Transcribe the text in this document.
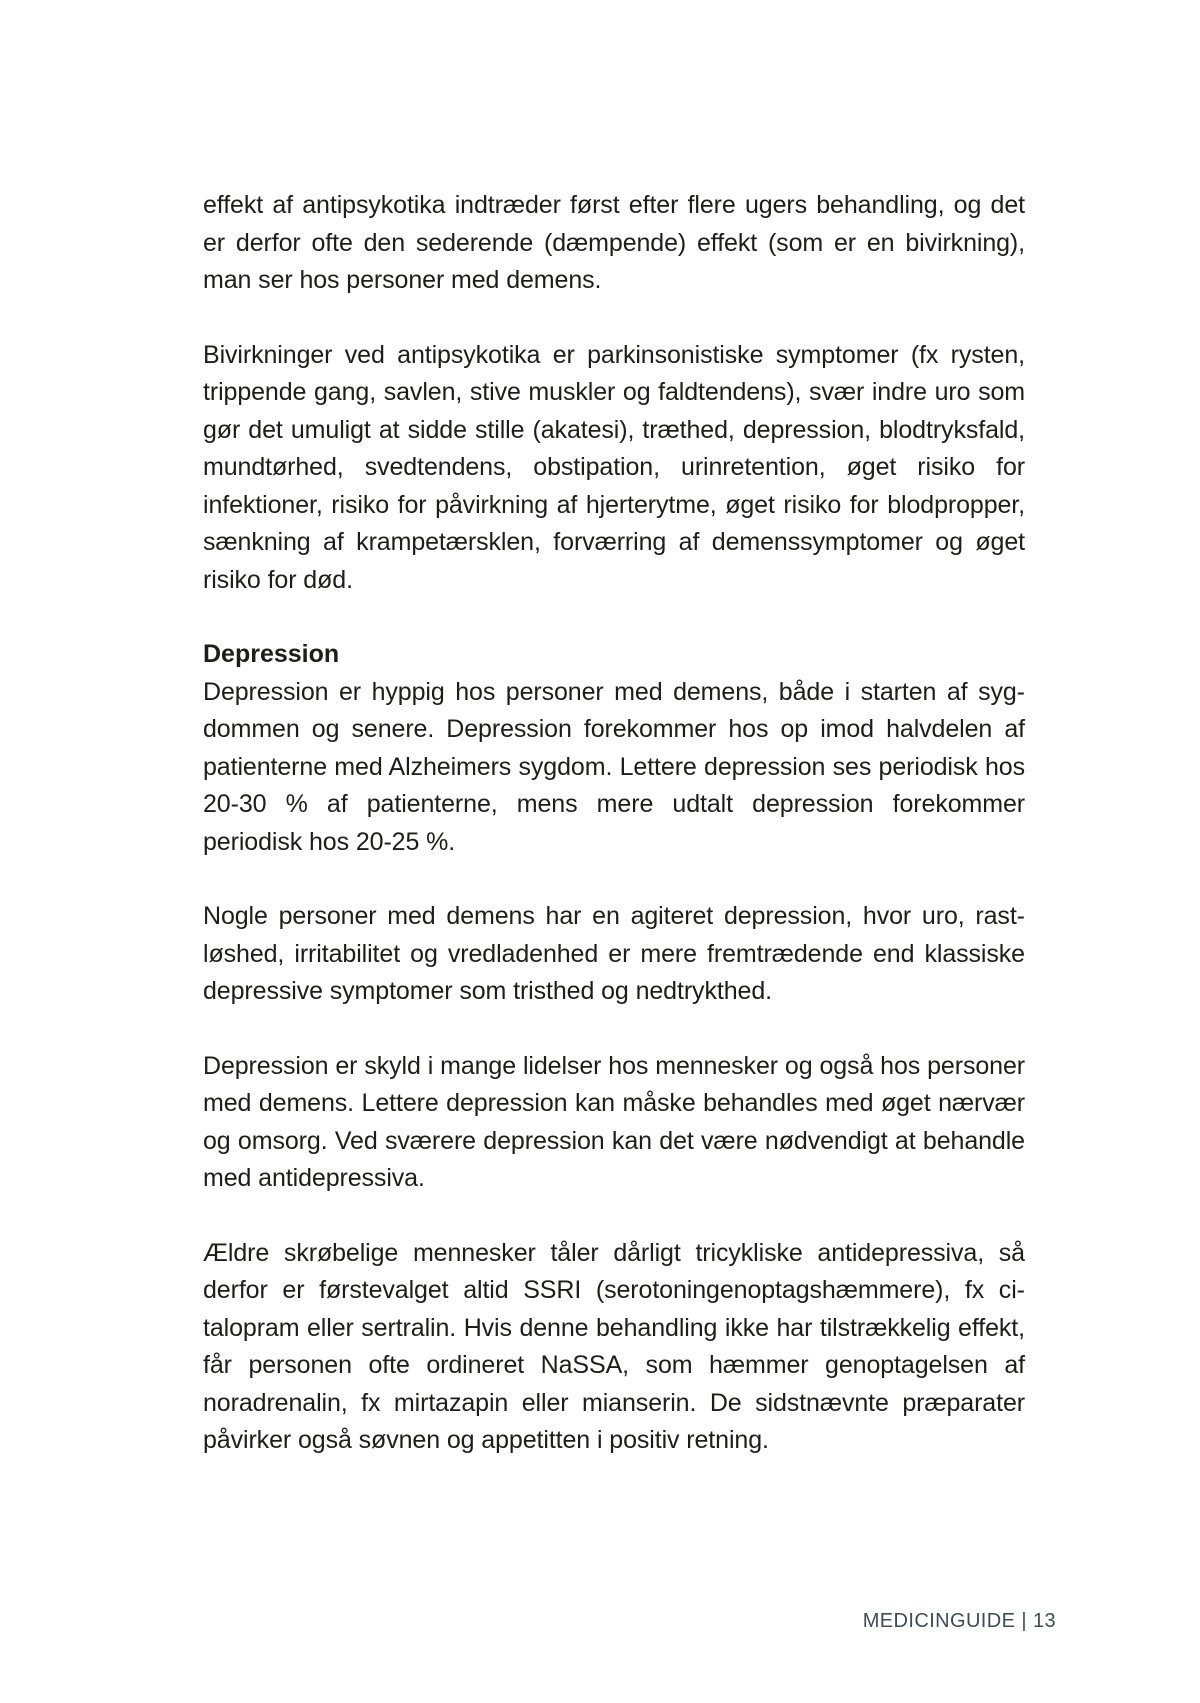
effekt af antipsykotika indtræder først efter flere ugers behandling, og det er derfor ofte den sederende (dæmpende) effekt (som er en bivirkning), man ser hos personer med demens.

Bivirkninger ved antipsykotika er parkinsonistiske symptomer (fx rysten, trippende gang, savlen, stive muskler og faldtendens), svær indre uro som gør det umuligt at sidde stille (akatesi), træthed, depression, blodtryksfald, mundtørhed, svedtendens, obstipation, urinretention, øget risiko for infektioner, risiko for påvirkning af hjerterytme, øget risiko for blodpropper, sænkning af krampetærsklen, forværring af demenssymptomer og øget risiko for død.

Depression

Depression er hyppig hos personer med demens, både i starten af sygdommen og senere. Depression forekommer hos op imod halvdelen af patienterne med Alzheimers sygdom. Lettere depression ses periodisk hos 20-30 % af patienterne, mens mere udtalt depression forekommer periodisk hos 20-25 %.

Nogle personer med demens har en agiteret depression, hvor uro, rastløshed, irritabilitet og vredladenhed er mere fremtrædende end klassiske depressive symptomer som tristhed og nedtrykthed.

Depression er skyld i mange lidelser hos mennesker og også hos personer med demens. Lettere depression kan måske behandles med øget nærvær og omsorg. Ved sværere depression kan det være nødvendigt at behandle med antidepressiva.

Ældre skrøbelige mennesker tåler dårligt tricykliske antidepressiva, så derfor er førstevalget altid SSRI (serotoningenoptagshæmmere), fx citalopram eller sertralin. Hvis denne behandling ikke har tilstrækkelig effekt, får personen ofte ordineret NaSSA, som hæmmer genoptagelsen af noradrenalin, fx mirtazapin eller mianserin. De sidstnævnte præparater påvirker også søvnen og appetitten i positiv retning.

MEDICINGUIDE | 13
